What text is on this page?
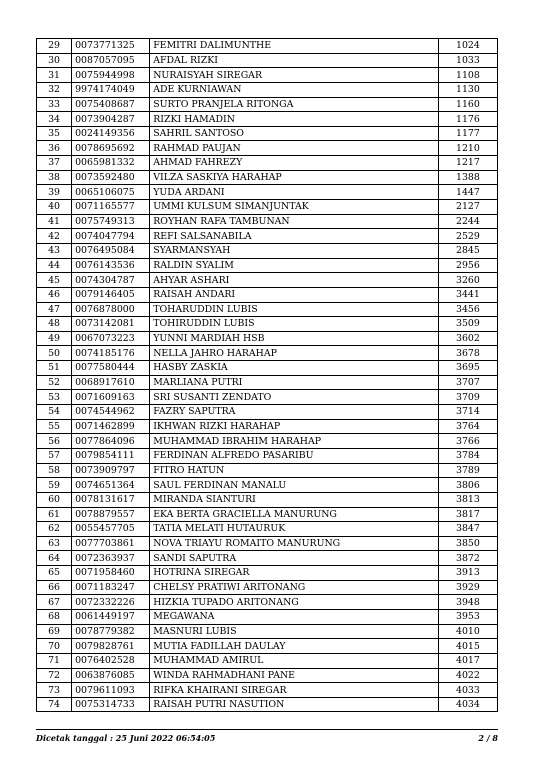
29	0073771325	FEMITRI DALIMUNTHE	1024
30	0087057095	AFDAL RIZKI	1033
31	0075944998	NURAISYAH SIREGAR	1108
32	9974174049	ADE KURNIAWAN	1130
33	0075408687	SURTO PRANJELA RITONGA	1160
34	0073904287	RIZKI HAMADIN	1176
35	0024149356	SAHRIL SANTOSO	1177
36	0078695692	RAHMAD PAUJAN	1210
37	0065981332	AHMAD FAHREZY	1217
38	0073592480	VILZA SASKIYA HARAHAP	1388
39	0065106075	YUDA ARDANI	1447
40	0071165577	UMMI KULSUM SIMANJUNTAK	2127
41	0075749313	ROYHAN RAFA TAMBUNAN	2244
42	0074047794	REFI SALSANABILA	2529
43	0076495084	SYARMANSYAH	2845
44	0076143536	RALDIN SYALIM	2956
45	0074304787	AHYAR ASHARI	3260
46	0079146405	RAISAH ANDARI	3441
47	0076878000	TOHARUDDIN LUBIS	3456
48	0073142081	TOHIRUDDIN LUBIS	3509
49	0067073223	YUNNI MARDIAH HSB	3602
50	0074185176	NELLA JAHRO HARAHAP	3678
51	0077580444	HASBY ZASKIA	3695
52	0068917610	MARLIANA PUTRI	3707
53	0071609163	SRI SUSANTI ZENDATO	3709
54	0074544962	FAZRY SAPUTRA	3714
55	0071462899	IKHWAN RIZKI HARAHAP	3764
56	0077864096	MUHAMMAD IBRAHIM HARAHAP	3766
57	0079854111	FERDINAN ALFREDO PASARIBU	3784
58	0073909797	FITRO HATUN	3789
59	0074651364	SAUL FERDINAN MANALU	3806
60	0078131617	MIRANDA SIANTURI	3813
61	0078879557	EKA BERTA GRACIELLA MANURUNG	3817
62	0055457705	TATIA MELATI HUTAURUK	3847
63	0077703861	NOVA TRIAYU ROMAITO MANURUNG	3850
64	0072363937	SANDI SAPUTRA	3872
65	0071958460	HOTRINA SIREGAR	3913
66	0071183247	CHELSY PRATIWI ARITONANG	3929
67	0072332226	HIZKIA TUPADO ARITONANG	3948
68	0061449197	MEGAWANA	3953
69	0078779382	MASNURI LUBIS	4010
70	0079828761	MUTIA FADILLAH DAULAY	4015
71	0076402528	MUHAMMAD AMIRUL	4017
72	0063876085	WINDA RAHMADHANI PANE	4022
73	0079611093	RIFKA KHAIRANI SIREGAR	4033
74	0075314733	RAISAH PUTRI NASUTION	4034
Dicetak tanggal : 25 Juni 2022 06:54:05	2 / 8
